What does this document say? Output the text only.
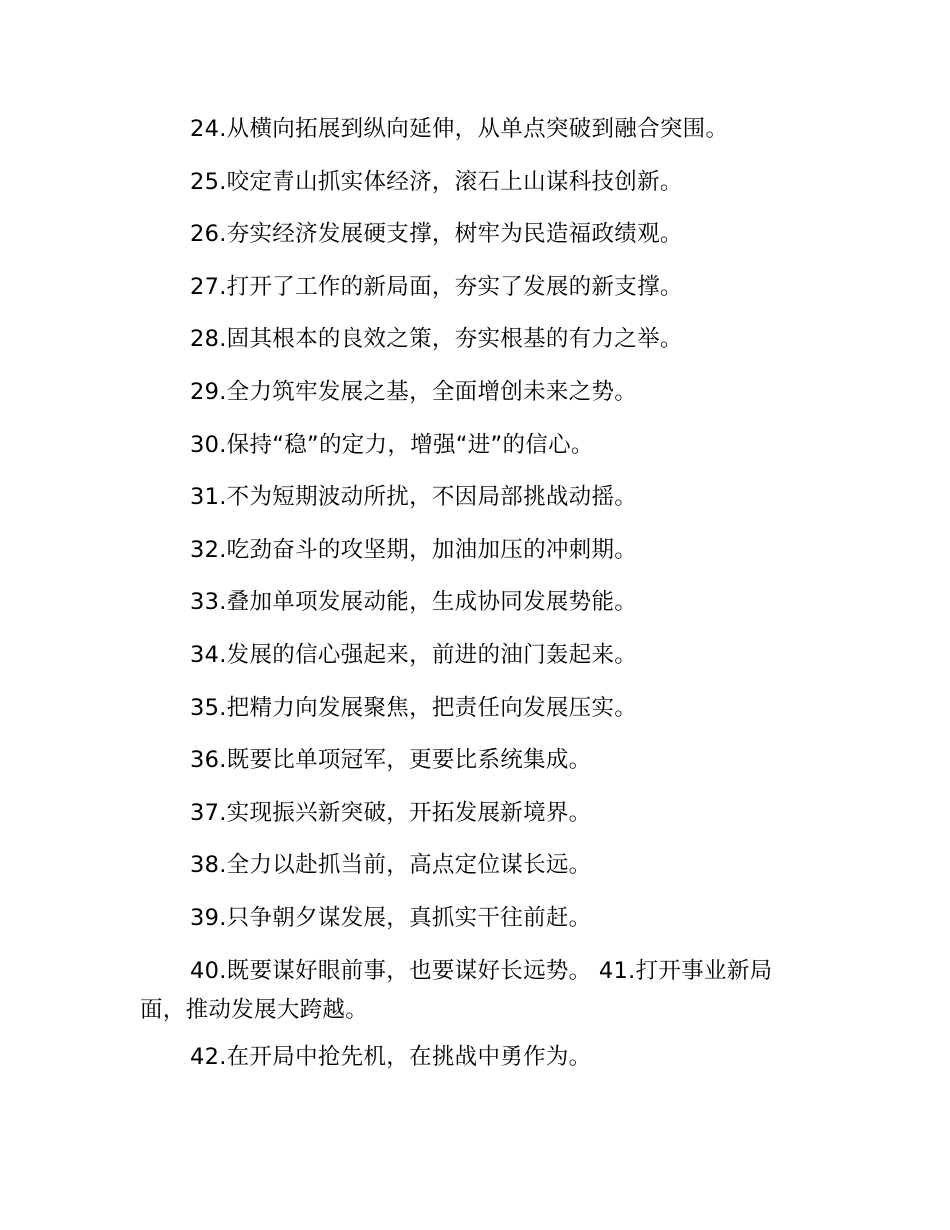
24.从横向拓展到纵向延伸，从单点突破到融合突围。

25.咬定青山抓实体经济，滚石上山谋科技创新。

26.夯实经济发展硬支撑，树牢为民造福政绩观。

27.打开了工作的新局面，夯实了发展的新支撑。

28.固其根本的良效之策，夯实根基的有力之举。

29.全力筑牢发展之基，全面增创未来之势。

30.保持“稳”的定力，增强“进”的信心。

31.不为短期波动所扰，不因局部挑战动摇。

32.吃劲奋斗的攻坚期，加油加压的冲刺期。

33.叠加单项发展动能，生成协同发展势能。

34.发展的信心强起来，前进的油门轰起来。

35.把精力向发展聚焦，把责任向发展压实。

36.既要比单项冠军，更要比系统集成。

37.实现振兴新突破，开拓发展新境界。

38.全力以赴抓当前，高点定位谋长远。

39.只争朝夕谋发展，真抓实干往前赶。

40.既要谋好眼前事，也要谋好长远势。 41.打开事业新局面，推动发展大跨越。

42.在开局中抢先机，在挑战中勇作为。
